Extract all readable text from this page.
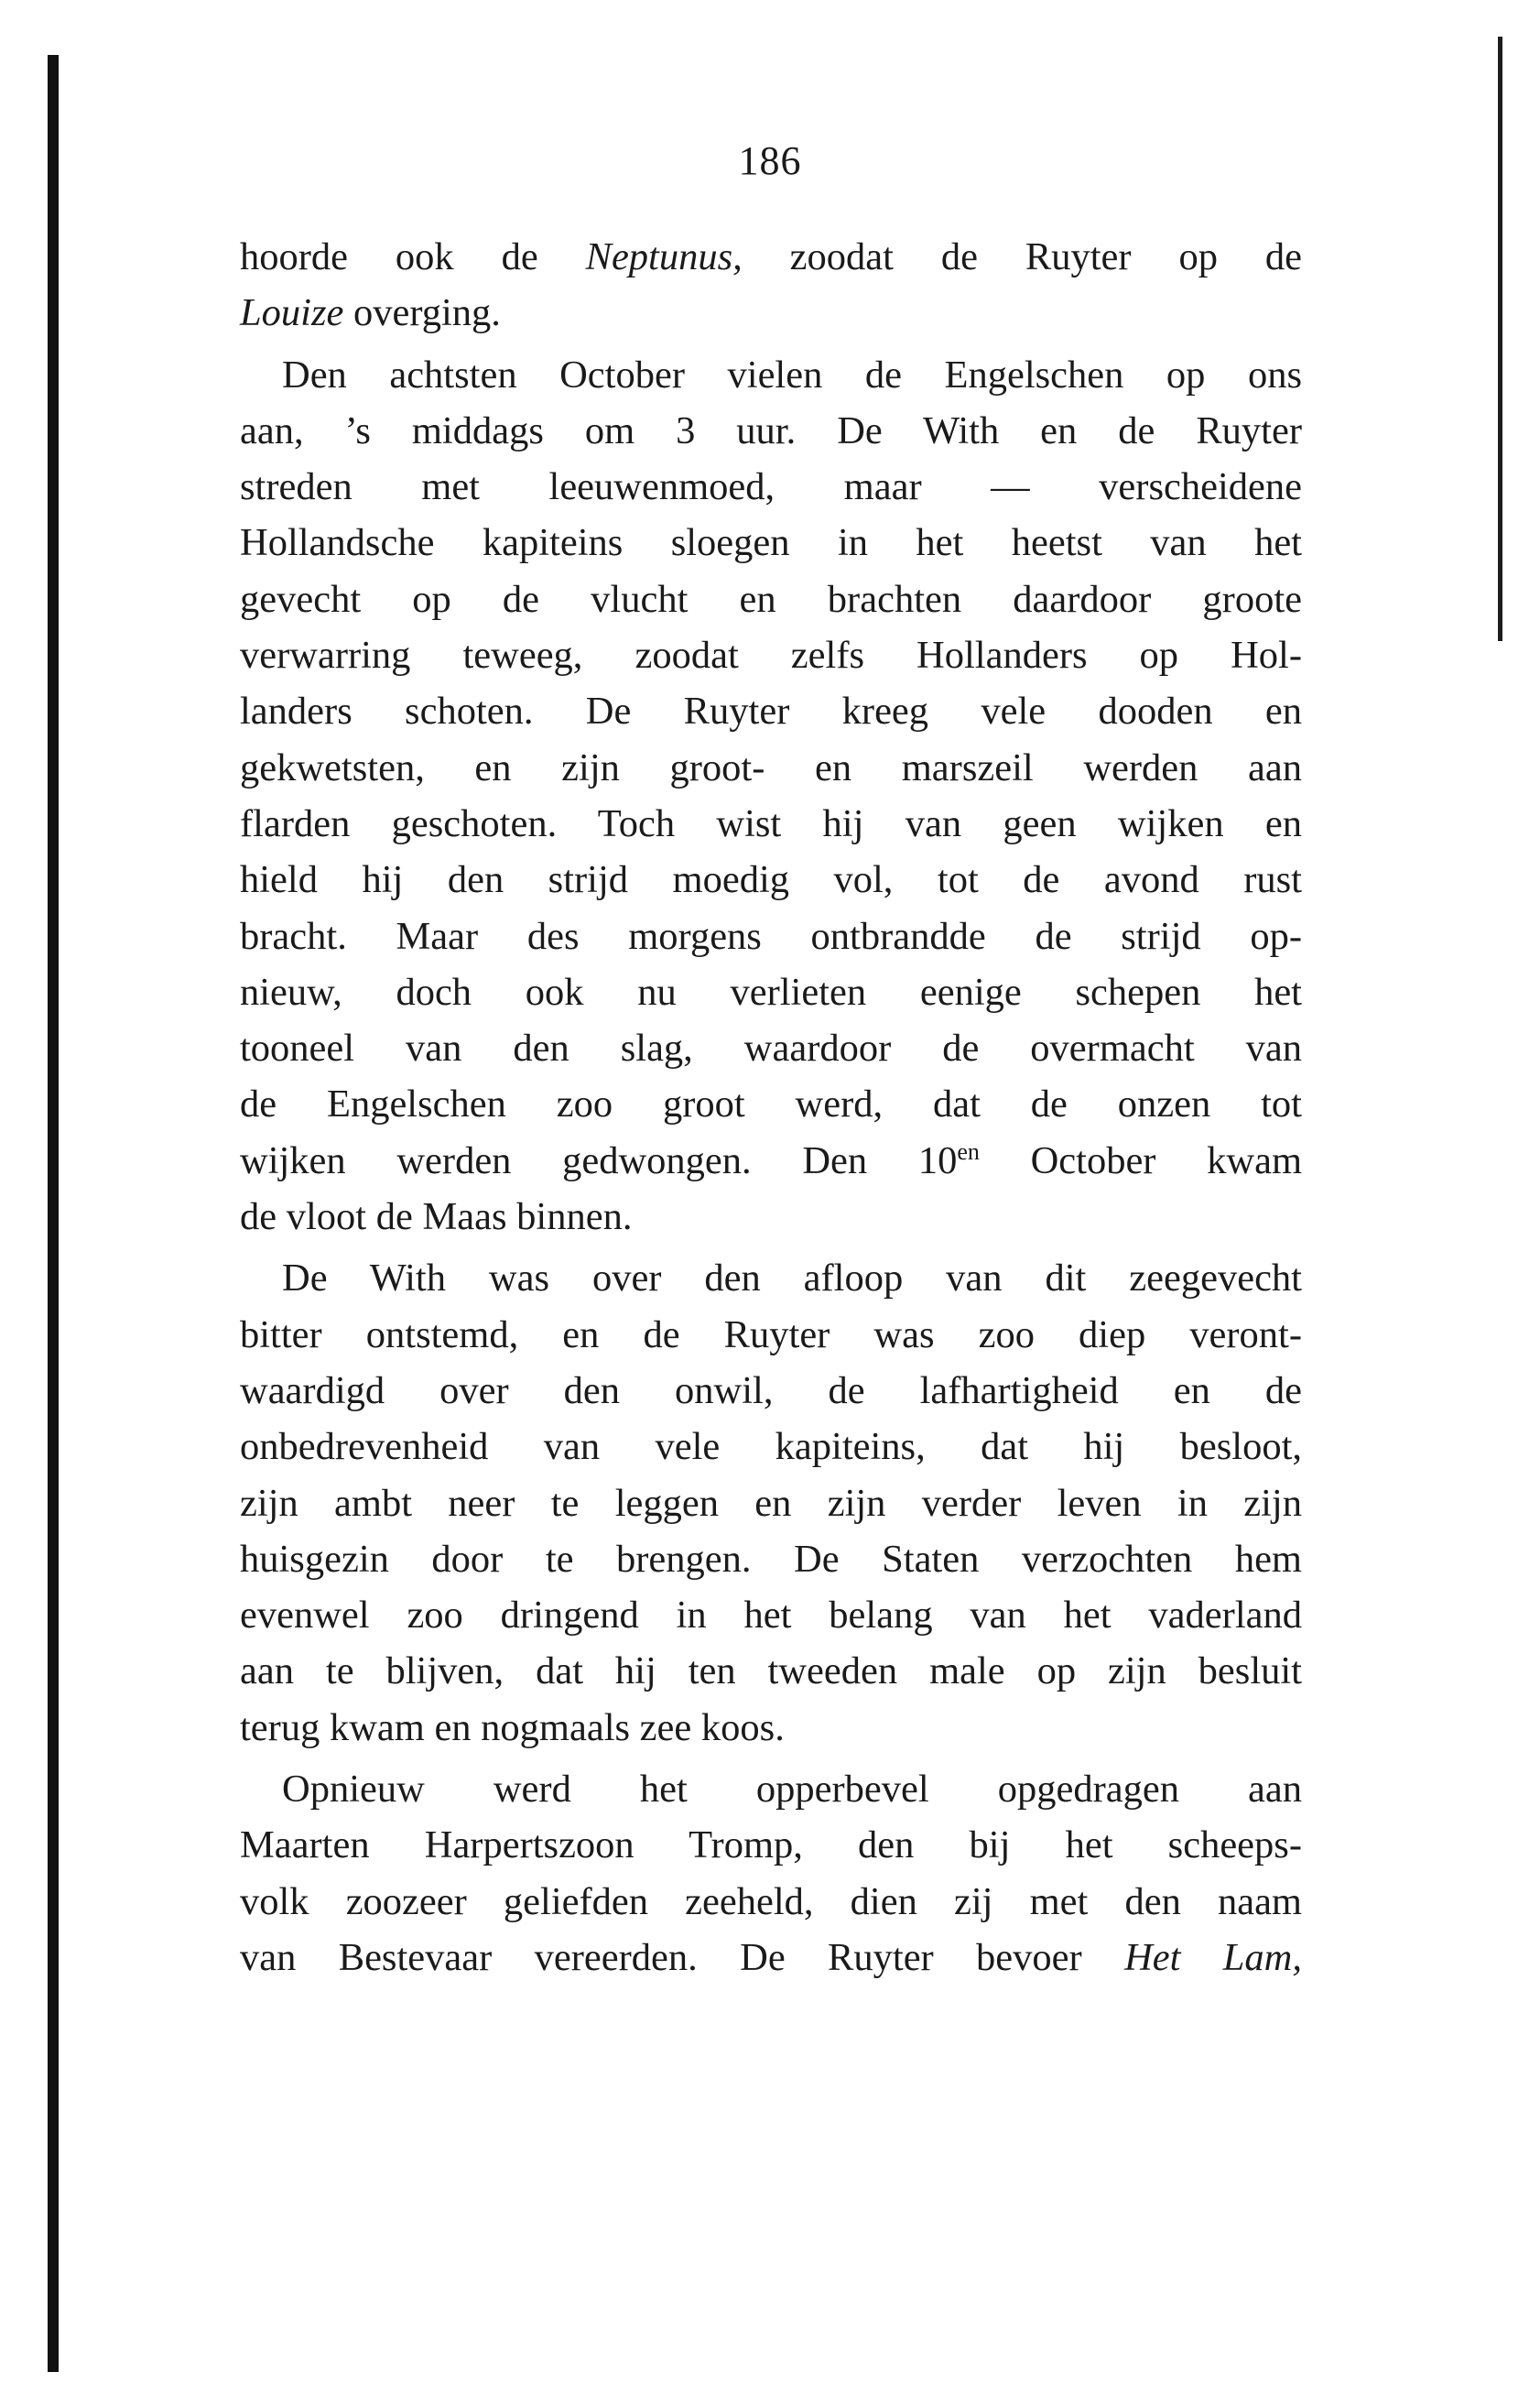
186

hoorde ook de Neptunus, zoodat de Ruyter op de
Louize overging.

Den achtsten October vielen de Engelschen op ons
aan, ’s middags om 3 uur. De With en de Ruyter
streden met leeuwenmoed, maar — verscheidene
Hollandsche kapiteins sloegen in het heetst van het
gevecht op de vlucht en brachten daardoor groote
verwarring teweeg, zoodat zelfs Hollanders op Hol-
landers schoten. De Ruyter kreeg vele dooden en
gekwetsten, en zijn groot- en marszeil werden aan
flarden geschoten. Toch wist hij van geen wijken en
hield hij den strijd moedig vol, tot de avond rust
bracht. Maar des morgens ontbrandde de strijd op-
nieuw, doch ook nu verlieten eenige schepen het
tooneel van den slag, waardoor de overmacht van
de Engelschen zoo groot werd, dat de onzen tot
wijken werden gedwongen. Den $10^{en}$ October kwam
de vloot de Maas binnen.

De With was over den afloop van dit zeegevecht
bitter ontstemd, en de Ruyter was zoo diep veront-
waardigd over den onwil, de lafhartigheid en de
onbedrevenheid van vele kapiteins, dat hij besloot,
zijn ambt neer te leggen en zijn verder leven in zijn
huisgezin door te brengen. De Staten verzochten hem
evenwel zoo dringend in het belang van het vaderland
aan te blijven, dat hij ten tweeden male op zijn besluit
terug kwam en nogmaals zee koos.

Opnieuw werd het opperbevel opgedragen aan
Maarten Harpertszoon Tromp, den bij het scheeps-
volk zoozeer geliefden zeeheld, dien zij met den naam
van Bestevaar vereerden. De Ruyter bevoer Het Lam,
